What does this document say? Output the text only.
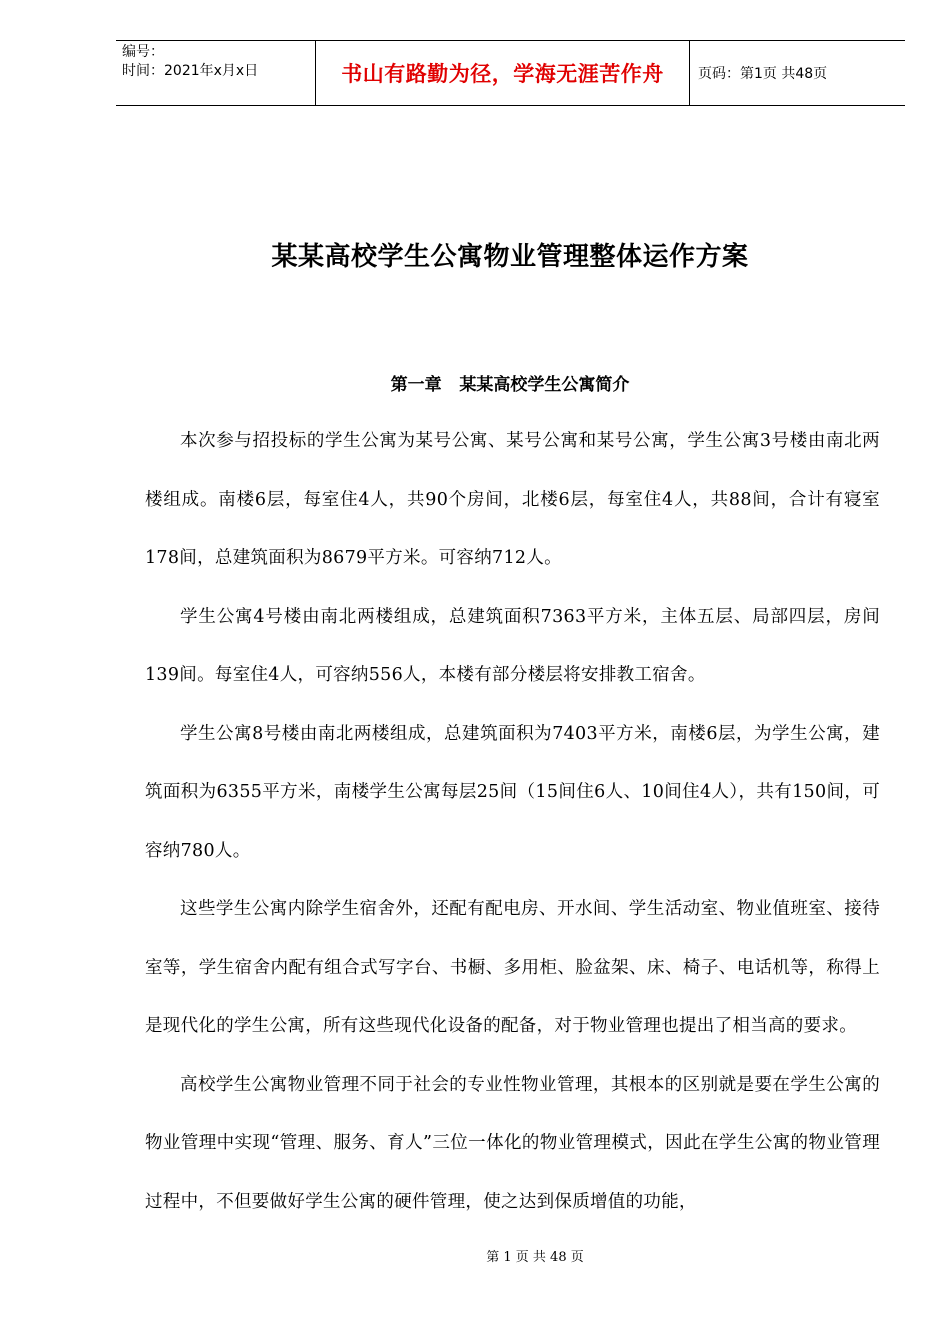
编号：
时间：2021年x月x日	书山有路勤为径，学海无涯苦作舟	页码：第1页 共48页
某某高校学生公寓物业管理整体运作方案
第一章   某某高校学生公寓简介

本次参与招投标的学生公寓为某号公寓、某号公寓和某号公寓，学生公寓3号楼由南北两楼组成。南楼6层，每室住4人，共90个房间，北楼6层，每室住4人，共88间，合计有寝室178间，总建筑面积为8679平方米。可容纳712人。

学生公寓4号楼由南北两楼组成，总建筑面积7363平方米，主体五层、局部四层，房间139间。每室住4人，可容纳556人，本楼有部分楼层将安排教工宿舍。

学生公寓8号楼由南北两楼组成，总建筑面积为7403平方米，南楼6层，为学生公寓，建筑面积为6355平方米，南楼学生公寓每层25间（15间住6人、10间住4人），共有150间，可容纳780人。

这些学生公寓内除学生宿舍外，还配有配电房、开水间、学生活动室、物业值班室、接待室等，学生宿舍内配有组合式写字台、书橱、多用柜、脸盆架、床、椅子、电话机等，称得上是现代化的学生公寓，所有这些现代化设备的配备，对于物业管理也提出了相当高的要求。

高校学生公寓物业管理不同于社会的专业性物业管理，其根本的区别就是要在学生公寓的物业管理中实现“管理、服务、育人”三位一体化的物业管理模式，因此在学生公寓的物业管理过程中，不但要做好学生公寓的硬件管理，使之达到保质增值的功能，

第 1 页 共 48 页
